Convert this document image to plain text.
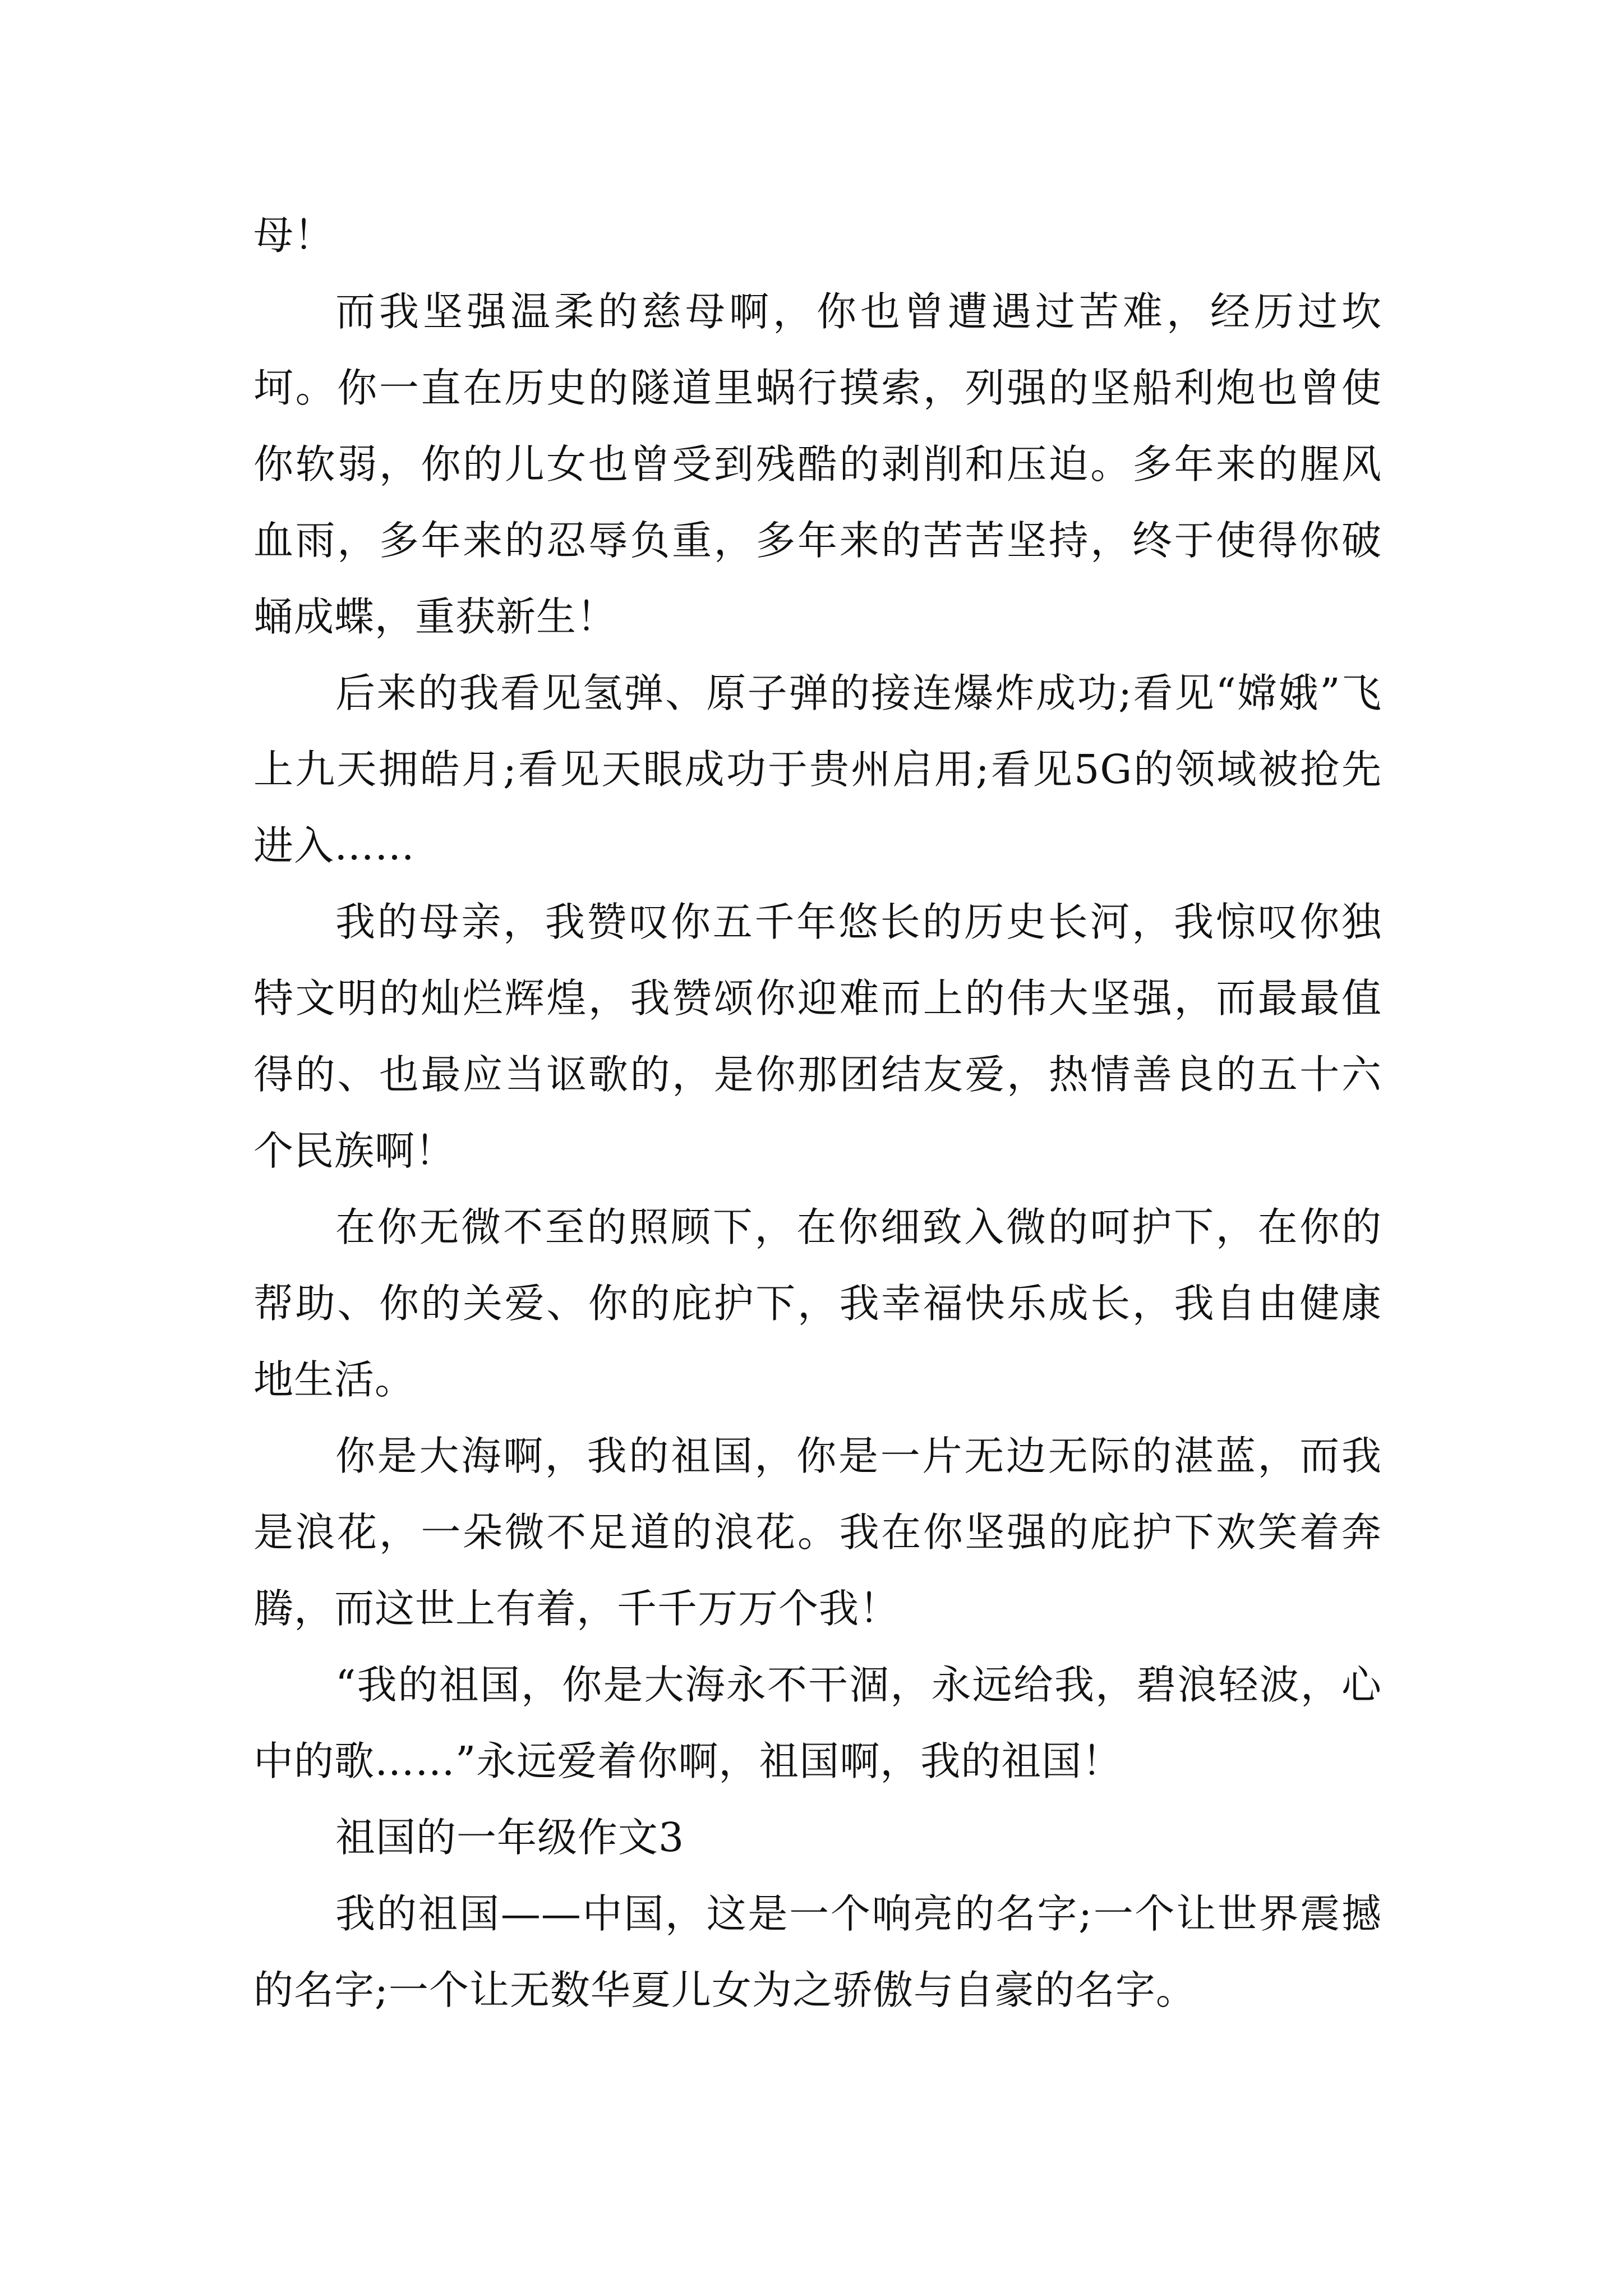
母！

而我坚强温柔的慈母啊，你也曾遭遇过苦难，经历过坎坷。你一直在历史的隧道里蜗行摸索，列强的坚船利炮也曾使你软弱，你的儿女也曾受到残酷的剥削和压迫。多年来的腥风血雨，多年来的忍辱负重，多年来的苦苦坚持，终于使得你破蛹成蝶，重获新生！

后来的我看见氢弹、原子弹的接连爆炸成功;看见“嫦娥”飞上九天拥皓月;看见天眼成功于贵州启用;看见5G的领域被抢先进入……

我的母亲，我赞叹你五千年悠长的历史长河，我惊叹你独特文明的灿烂辉煌，我赞颂你迎难而上的伟大坚强，而最最值得的、也最应当讴歌的，是你那团结友爱，热情善良的五十六个民族啊！

在你无微不至的照顾下，在你细致入微的呵护下，在你的帮助、你的关爱、你的庇护下，我幸福快乐成长，我自由健康地生活。

你是大海啊，我的祖国，你是一片无边无际的湛蓝，而我是浪花，一朵微不足道的浪花。我在你坚强的庇护下欢笑着奔腾，而这世上有着，千千万万个我！

“我的祖国，你是大海永不干涸，永远给我，碧浪轻波，心中的歌……”永远爱着你啊，祖国啊，我的祖国！

祖国的一年级作文3

我的祖国——中国，这是一个响亮的名字;一个让世界震撼的名字;一个让无数华夏儿女为之骄傲与自豪的名字。
